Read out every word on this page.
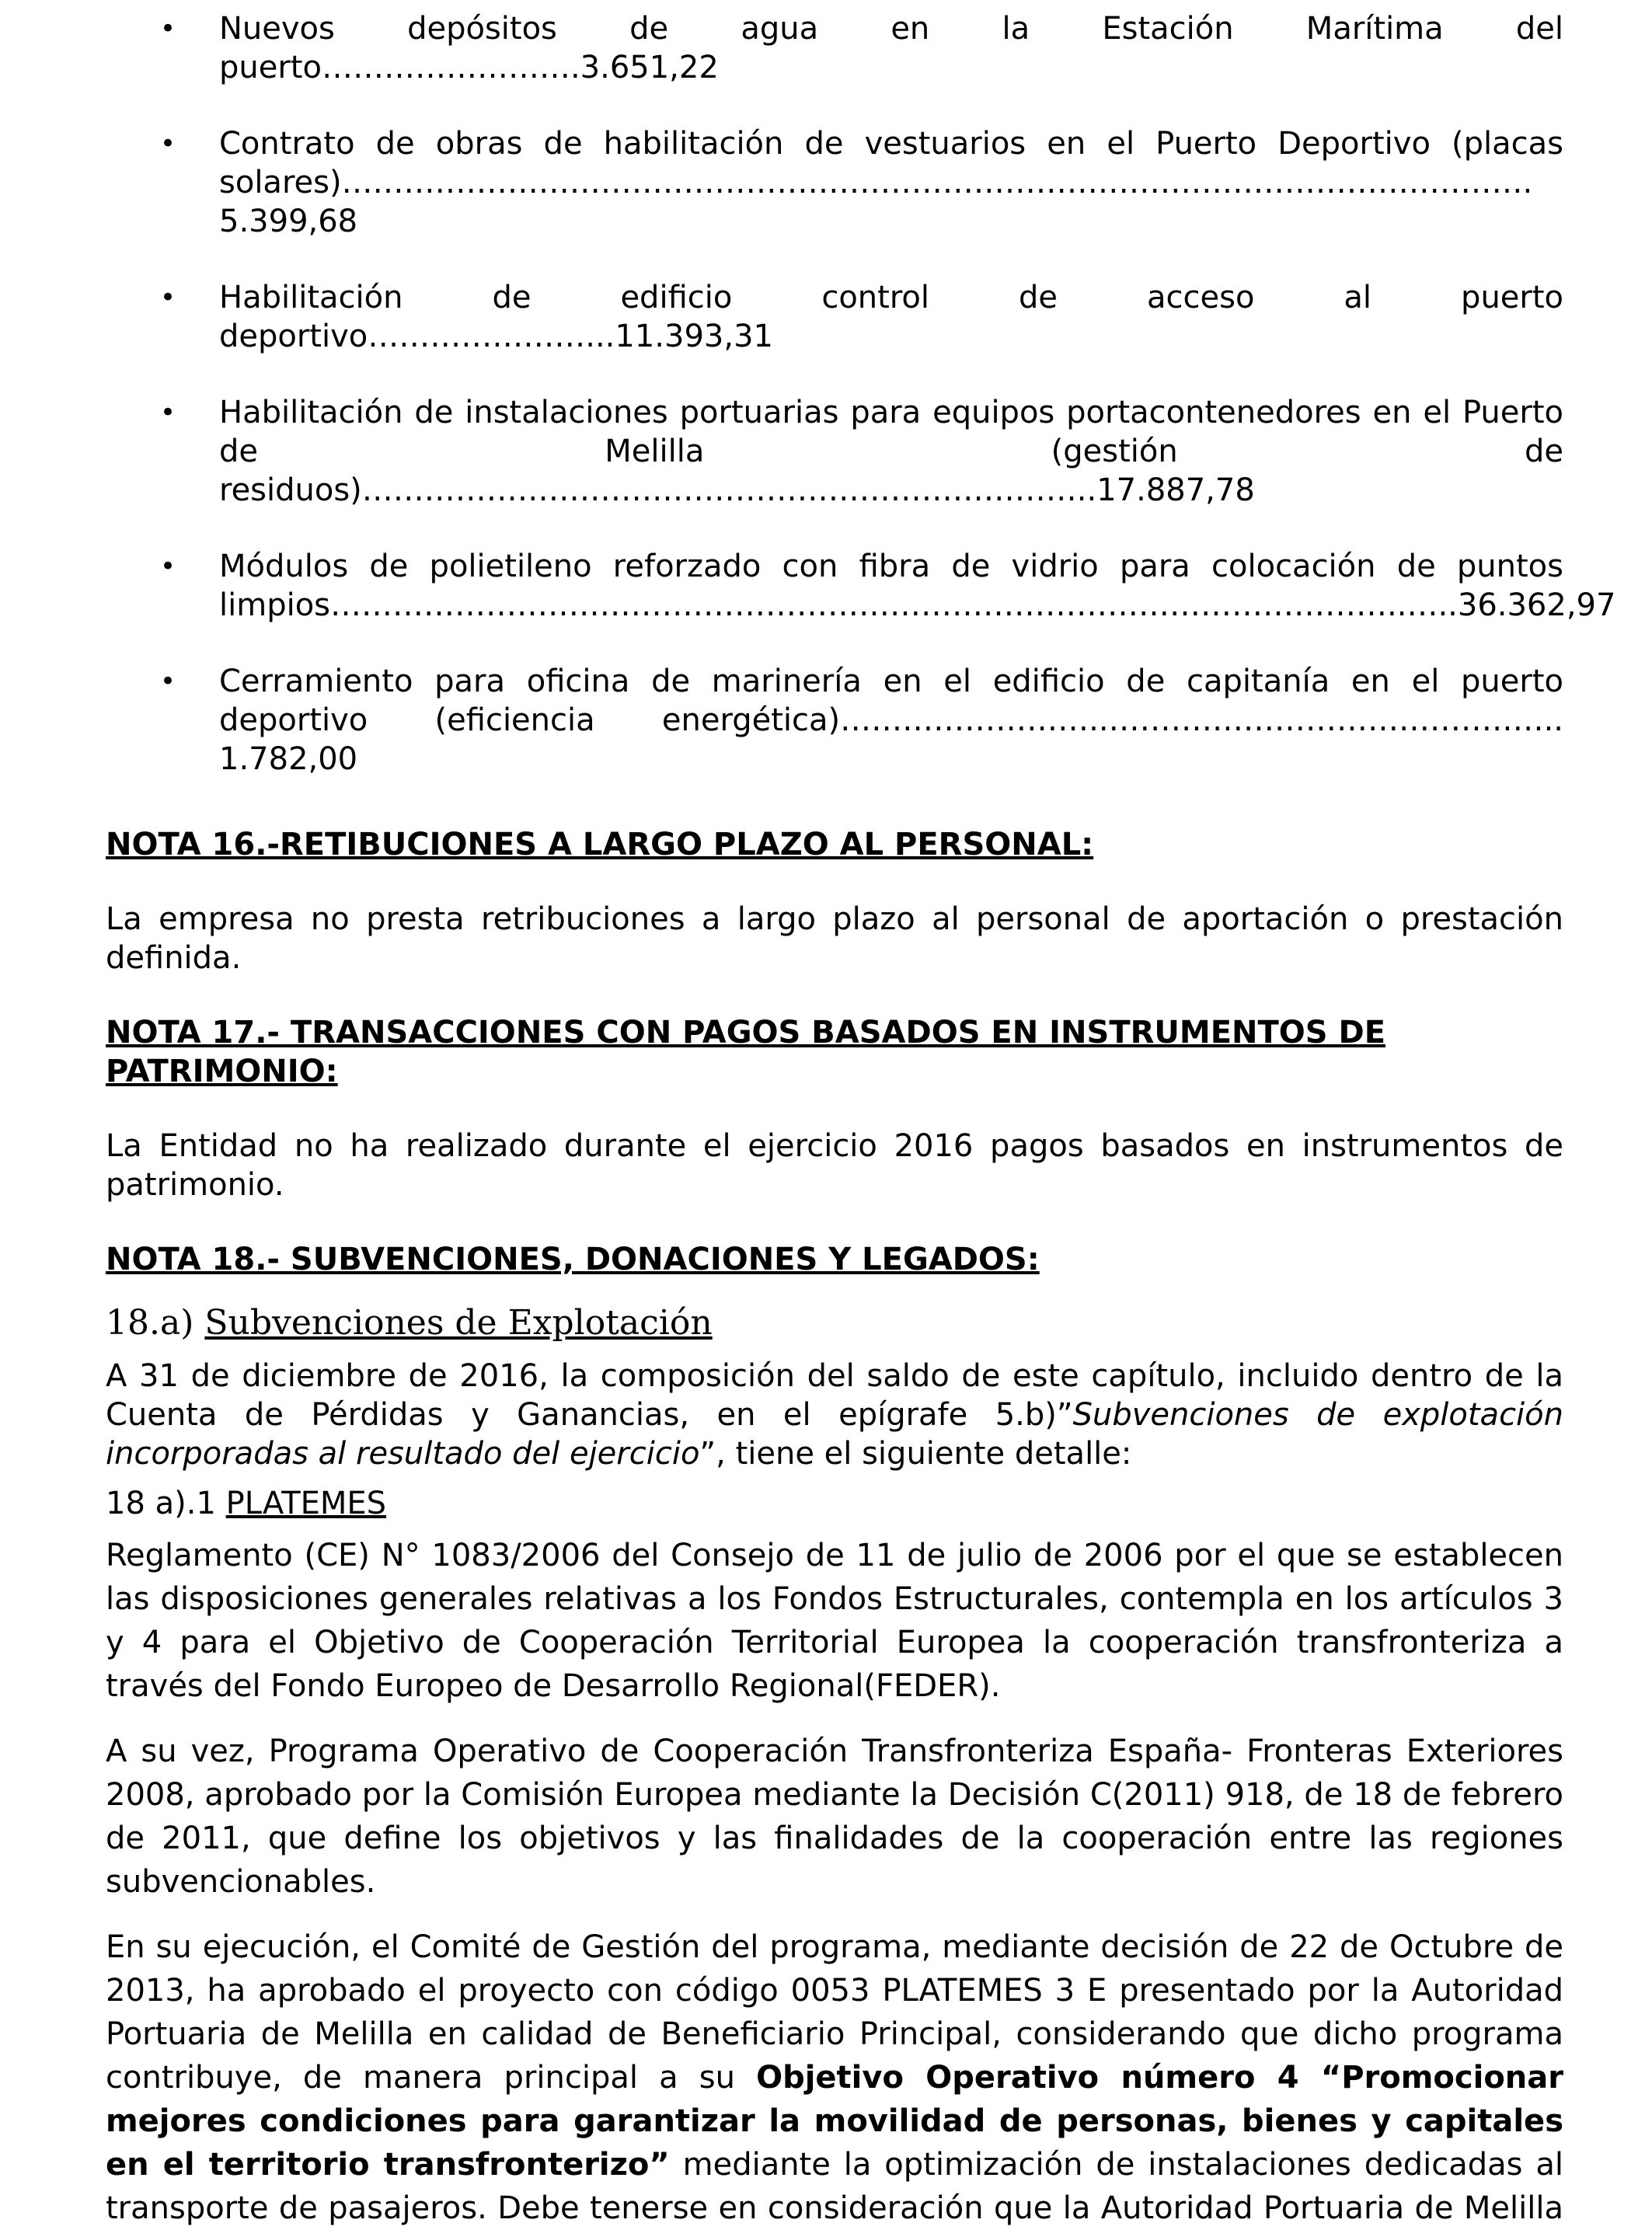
• Nuevos depósitos de agua en la Estación Marítima del puerto…………………….3.651,22
• Contrato de obras de habilitación de vestuarios en el Puerto Deportivo (placas solares)……………………………………………………………………………………………………. 5.399,68
• Habilitación de edificio control de acceso al puerto deportivo…………………...11.393,31
• Habilitación de instalaciones portuarias para equipos portacontenedores en el Puerto de Melilla (gestión de residuos)……………………………………………………………..17.887,78
• Módulos de polietileno reforzado con fibra de vidrio para colocación de puntos limpios…………………………………………………………………………………………..…..36.362,97
• Cerramiento para oficina de marinería en el edificio de capitanía en el puerto deportivo (eficiencia energética)……………………..…………………………………….. 1.782,00
NOTA 16.-RETIBUCIONES A LARGO PLAZO AL PERSONAL:

La empresa no presta retribuciones a largo plazo al personal de aportación o prestación definida.

NOTA 17.- TRANSACCIONES CON PAGOS BASADOS EN INSTRUMENTOS DE PATRIMONIO:

La Entidad no ha realizado durante el ejercicio 2016 pagos basados en instrumentos de patrimonio.

NOTA 18.- SUBVENCIONES, DONACIONES Y LEGADOS:

18.a) Subvenciones de Explotación

A 31 de diciembre de 2016, la composición del saldo de este capítulo, incluido dentro de la Cuenta de Pérdidas y Ganancias, en el epígrafe 5.b)”Subvenciones de explotación incorporadas al resultado del ejercicio”, tiene el siguiente detalle:

18 a).1 PLATEMES

Reglamento (CE) N° 1083/2006 del Consejo de 11 de julio de 2006 por el que se establecen las disposiciones generales relativas a los Fondos Estructurales, contempla en los artículos 3 y 4 para el Objetivo de Cooperación Territorial Europea la cooperación transfronteriza a través del Fondo Europeo de Desarrollo Regional(FEDER).

A su vez, Programa Operativo de Cooperación Transfronteriza España- Fronteras Exteriores 2008, aprobado por la Comisión Europea mediante la Decisión C(2011) 918, de 18 de febrero de 2011, que define los objetivos y las finalidades de la cooperación entre las regiones subvencionables.

En su ejecución, el Comité de Gestión del programa, mediante decisión de 22 de Octubre de 2013, ha aprobado el proyecto con código 0053 PLATEMES 3 E presentado por la Autoridad Portuaria de Melilla en calidad de Beneficiario Principal, considerando que dicho programa contribuye, de manera principal a su Objetivo Operativo número 4 “Promocionar mejores condiciones para garantizar la movilidad de personas, bienes y capitales en el territorio transfronterizo” mediante la optimización de instalaciones dedicadas al transporte de pasajeros. Debe tenerse en consideración que la Autoridad Portuaria de Melilla
